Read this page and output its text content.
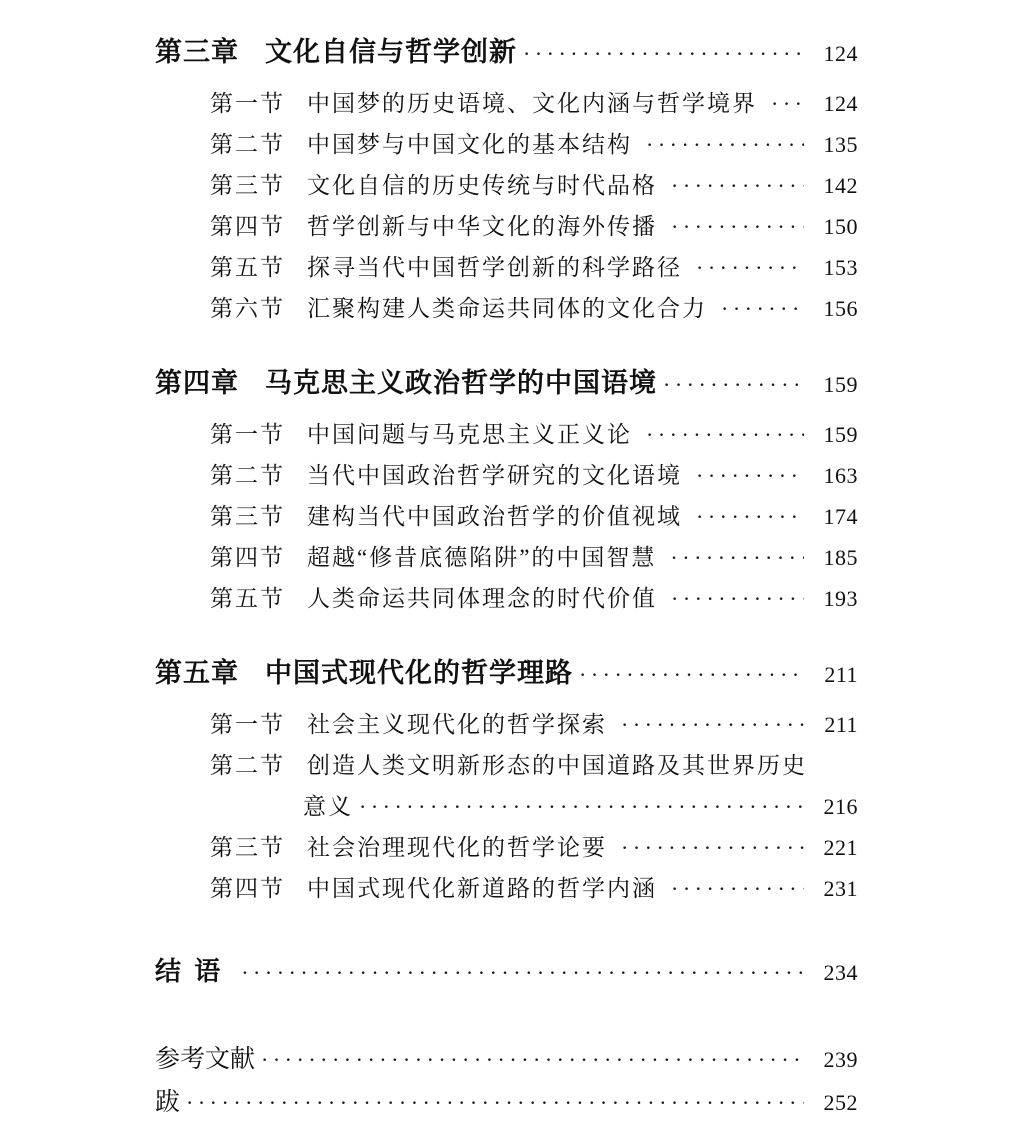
第三章 文化自信与哲学创新 ·····	124
第一节 中国梦的历史语境、文化内涵与哲学境界 ·····	124
第二节 中国梦与中国文化的基本结构 ·····	135
第三节 文化自信的历史传统与时代品格 ·····	142
第四节 哲学创新与中华文化的海外传播 ·····	150
第五节 探寻当代中国哲学创新的科学路径 ·····	153
第六节 汇聚构建人类命运共同体的文化合力 ·····	156
第四章 马克思主义政治哲学的中国语境 ·····	159
第一节 中国问题与马克思主义正义论 ·····	159
第二节 当代中国政治哲学研究的文化语境 ·····	163
第三节 建构当代中国政治哲学的价值视域 ·····	174
第四节 超越“修昔底德陷阱”的中国智慧 ·····	185
第五节 人类命运共同体理念的时代价值 ·····	193
第五章 中国式现代化的哲学理路 ·····	211
第一节 社会主义现代化的哲学探索 ·····	211
第二节 创造人类文明新形态的中国道路及其世界历史
意义 ·····	216
第三节 社会治理现代化的哲学论要 ·····	221
第四节 中国式现代化新道路的哲学内涵 ·····	231
结 语 ·····	234
参考文献 ·····	239
跋 ·····	252
